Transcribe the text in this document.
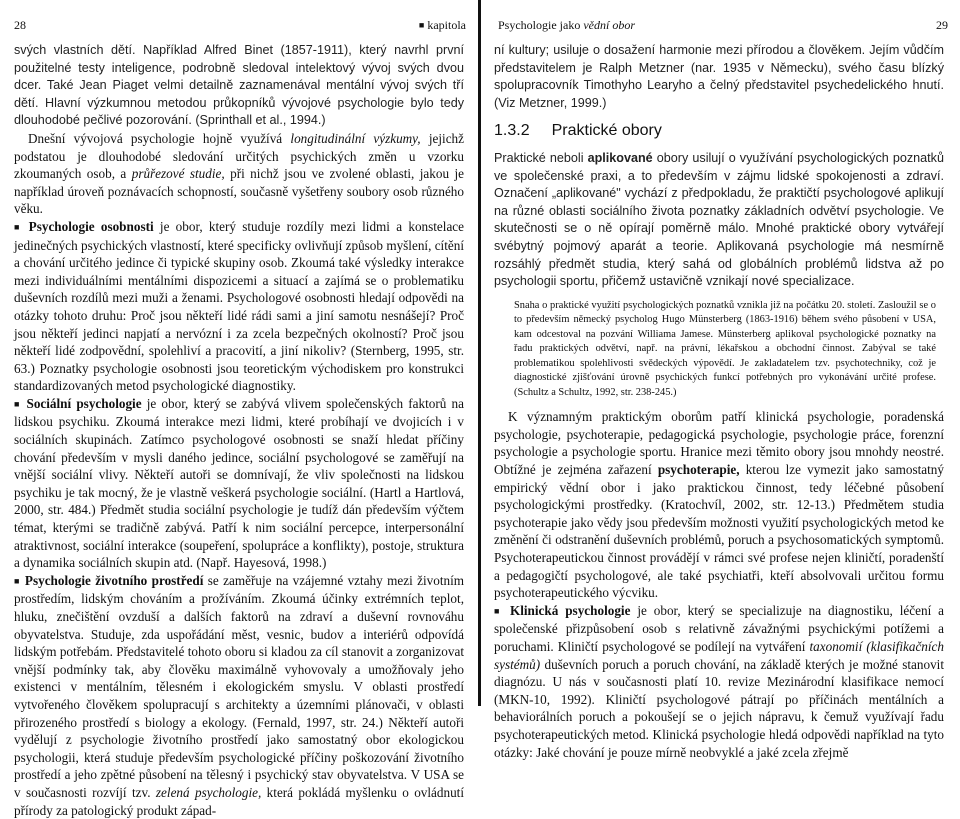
28	■ kapitola

svých vlastních dětí. Například Alfred Binet (1857-1911), který navrhl první použitelné testy inteligence, podrobně sledoval intelektový vývoj svých dvou dcer. Také Jean Piaget velmi detailně zaznamenával mentální vývoj svých tří dětí. Hlavní výzkumnou metodou průkopníků vývojové psychologie bylo tedy dlouhodobé pečlivé pozorování. (Sprinthall et al., 1994.)

Dnešní vývojová psychologie hojně využívá longitudinální výzkumy, jejichž podstatou je dlouhodobé sledování určitých psychických změn u vzorku zkoumaných osob, a průřezové studie, při nichž jsou ve zvolené oblasti, jakou je například úroveň poznávacích schopností, současně vyšetřeny soubory osob různého věku.

■ Psychologie osobnosti je obor, který studuje rozdíly mezi lidmi a konstelace jedinečných psychických vlastností, které specificky ovlivňují způsob myšlení, cítění a chování určitého jedince či typické skupiny osob. Zkoumá také výsledky interakce mezi individuálními mentálními dispozicemi a situací a zajímá se o problematiku duševních rozdílů mezi muži a ženami. Psychologové osobnosti hledají odpovědi na otázky tohoto druhu: Proč jsou někteří lidé rádi sami a jiní samotu nesnášejí? Proč jsou někteří jedinci napjatí a nervózní i za zcela bezpečných okolností? Proč jsou někteří lidé zodpovědní, spolehliví a pracovití, a jiní nikoliv? (Sternberg, 1995, str. 63.) Poznatky psychologie osobnosti jsou teoretickým východiskem pro konstrukci standardizovaných metod psychologické diagnostiky.

■ Sociální psychologie je obor, který se zabývá vlivem společenských faktorů na lidskou psychiku. Zkoumá interakce mezi lidmi, které probíhají ve dvojicích i v sociálních skupinách. Zatímco psychologové osobnosti se snaží hledat příčiny chování především v mysli daného jedince, sociální psychologové se zaměřují na vnější sociální vlivy. Někteří autoři se domnívají, že vliv společnosti na lidskou psychiku je tak mocný, že je vlastně veškerá psychologie sociální. (Hartl a Hartlová, 2000, str. 484.) Předmět studia sociální psychologie je tudíž dán především výčtem témat, kterými se tradičně zabývá. Patří k nim sociální percepce, interpersonální atraktivnost, sociální interakce (soupeření, spolupráce a konflikty), postoje, struktura a dynamika sociálních skupin atd. (Např. Hayesová, 1998.)

■ Psychologie životního prostředí se zaměřuje na vzájemné vztahy mezi životním prostředím, lidským chováním a prožíváním. Zkoumá účinky extrémních teplot, hluku, znečištění ovzduší a dalších faktorů na zdraví a duševní rovnováhu obyvatelstva. Studuje, zda uspořádání měst, vesnic, budov a interiérů odpovídá lidským potřebám. Představitelé tohoto oboru si kladou za cíl stanovit a zorganizovat vnější podmínky tak, aby člověku maximálně vyhovovaly a umožňovaly jeho existenci v mentálním, tělesném i ekologickém smyslu. V oblasti prostředí vytvořeného člověkem spolupracují s architekty a územními plánovači, v oblasti přirozeného prostředí s biology a ekology. (Fernald, 1997, str. 24.) Někteří autoři vydělují z psychologie životního prostředí jako samostatný obor ekologickou psychologii, která studuje především psychologické příčiny poškozování životního prostředí a jeho zpětné působení na tělesný i psychický stav obyvatelstva. V USA se v současnosti rozvíjí tzv. zelená psychologie, která pokládá myšlenku o ovládnutí přírody za patologický produkt západ-

Psychologie jako vědní obor	29

ní kultury; usiluje o dosažení harmonie mezi přírodou a člověkem. Jejím vůdčím představitelem je Ralph Metzner (nar. 1935 v Německu), svého času blízký spolupracovník Timothyho Learyho a čelný představitel psychedelického hnutí. (Viz Metzner, 1999.)

1.3.2 Praktické obory

Praktické neboli aplikované obory usilují o využívání psychologických poznatků ve společenské praxi, a to především v zájmu lidské spokojenosti a zdraví. Označení „aplikované" vychází z předpokladu, že praktičtí psychologové aplikují na různé oblasti sociálního života poznatky základních odvětví psychologie. Ve skutečnosti se o ně opírají poměrně málo. Mnohé praktické obory vytvářejí svébytný pojmový aparát a teorie. Aplikovaná psychologie má nesmírně rozsáhlý předmět studia, který sahá od globálních problémů lidstva až po psychologii sportu, přičemž ustavičně vznikají nové specializace.

Snaha o praktické využití psychologických poznatků vznikla již na počátku 20. století. Zasloužil se o to především německý psycholog Hugo Münsterberg (1863-1916) během svého působení v USA, kam odcestoval na pozvání Williama Jamese. Münsterberg aplikoval psychologické poznatky na řadu praktických odvětví, např. na právní, lékařskou a obchodní činnost. Zabýval se také problematikou spolehlivosti svědeckých výpovědí. Je zakladatelem tzv. psychotechniky, což je diagnostické zjišťování úrovně psychických funkcí potřebných pro vykonávání určité profese. (Schultz a Schultz, 1992, str. 238-245.)

K významným praktickým oborům patří klinická psychologie, poradenská psychologie, psychoterapie, pedagogická psychologie, psychologie práce, forenzní psychologie a psychologie sportu. Hranice mezi těmito obory jsou mnohdy neostré. Obtížné je zejména zařazení psychoterapie, kterou lze vymezit jako samostatný empirický vědní obor i jako praktickou činnost, tedy léčebné působení psychologickými prostředky. (Kratochvíl, 2002, str. 12-13.) Předmětem studia psychoterapie jako vědy jsou především možnosti využití psychologických metod ke změnění či odstranění duševních problémů, poruch a psychosomatických symptomů. Psychoterapeutickou činnost provádějí v rámci své profese nejen kliničtí, poradenští a pedagogičtí psychologové, ale také psychiatři, kteří absolvovali určitou formu psychoterapeutického výcviku.

■ Klinická psychologie je obor, který se specializuje na diagnostiku, léčení a společenské přizpůsobení osob s relativně závažnými psychickými potížemi a poruchami. Kliničtí psychologové se podílejí na vytváření taxonomií (klasifikačních systémů) duševních poruch a poruch chování, na základě kterých je možné stanovit diagnózu. U nás v současnosti platí 10. revize Mezinárodní klasifikace nemocí (MKN-10, 1992). Kliničtí psychologové pátrají po příčinách mentálních a behaviorálních poruch a pokoušejí se o jejich nápravu, k čemuž využívají řadu psychoterapeutických metod. Klinická psychologie hledá odpovědi například na tyto otázky: Jaké chování je pouze mírně neobvyklé a jaké zcela zřejmě
